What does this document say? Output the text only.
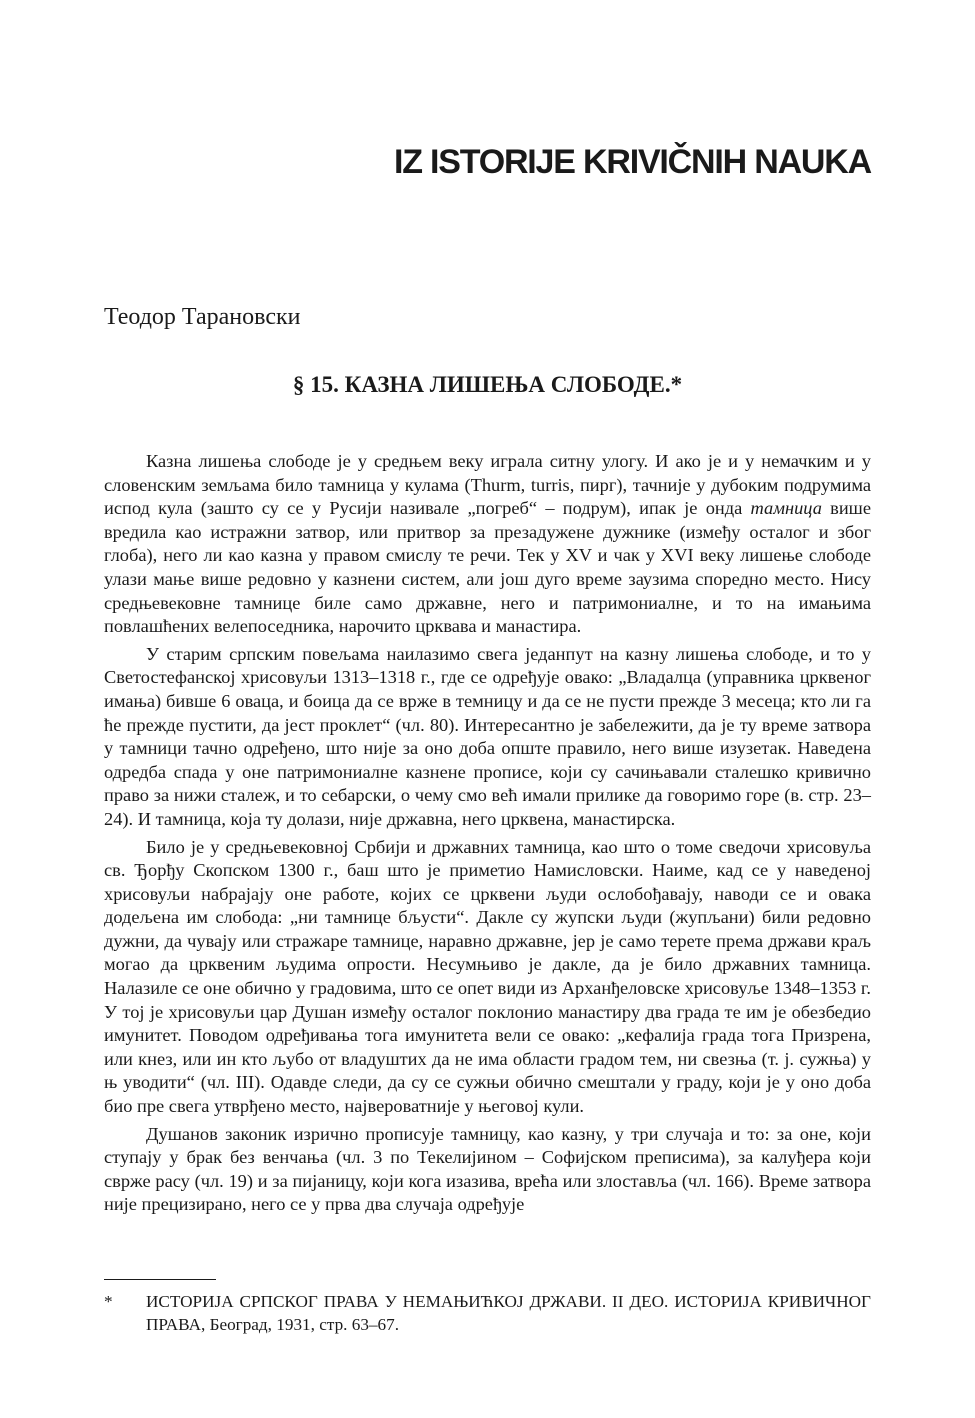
IZ ISTORIJE KRIVIČNIH NAUKA
Теодор Тарановски
§ 15. КАЗНА ЛИШЕЊА СЛОБОДЕ.*

Казна лишења слободе је у средњем веку играла ситну улогу. И ако је и у немачким и у словенским земљама било тамница у кулама (Thurm, turris, пирг), тачније у дубоким подрумима испод кула (зашто су се у Русији називале „погреб“ – подрум), ипак је онда тамница више вредила као истражни затвор, или притвор за презадужене дужнике (између осталог и због глоба), него ли као казна у правом смислу те речи. Тек у XV и чак у XVI веку лишење слободе улази мање више редовно у казнени систем, али још дуго време заузима споредно место. Нису средњевековне тамнице биле само државне, него и патримониалне, и то на имањима повлашћених велепоседника, нарочито црквава и манастира.

У старим српским повељама наилазимо свега једанпут на казну лишења слободе, и то у Светостефанској хрисовуљи 1313–1318 г., где се одређује овако: „Владалца (управника црквеног имања) бивше 6 оваца, и боица да се врже в темницу и да се не пусти прежде 3 месеца; кто ли га ће прежде пустити, да јест проклет“ (чл. 80). Интересантно је забележити, да је ту време затвора у тамници тачно одређено, што није за оно доба опште правило, него више изузетак. Наведена одредба спада у оне патримониалне казнене прописе, који су сачињавали сталешко кривично право за нижи сталеж, и то себарски, о чему смо већ имали прилике да говоримо горе (в. стр. 23–24). И тамница, која ту долази, није државна, него црквена, манастирска.

Било је у средњевековној Србији и државних тамница, као што о томе сведочи хрисовуља св. Ђорђу Скопском 1300 г., баш што је приметио Намисловски. Наиме, кад се у наведеној хрисовуљи набрајају оне работе, којих се црквени људи ослобођавају, наводи се и овака додељена им слобода: „ни тамнице бљусти“. Дакле су жупски људи (жупљани) били редовно дужни, да чувају или стражаре тамнице, наравно државне, јер је само терете према држави краљ могао да црквеним људима опрости. Несумњиво је дакле, да је било државних тамница. Налазиле се оне обично у градовима, што се опет види из Арханђеловске хрисовуље 1348–1353 г. У тој је хрисовуљи цар Душан између осталог поклонио манастиру два града те им је обезбедио имунитет. Поводом одређивања тога имунитета вели се овако: „кефалија града тога Призрена, или кнез, или ин кто љубо от владуштих да не има области градом тем, ни свезња (т. ј. сужња) у њ уводити“ (чл. III). Одавде следи, да су се сужњи обично смештали у граду, који је у оно доба био пре свега утврђено место, највероватније у његовој кули.

Душанов законик изрично прописује тамницу, као казну, у три случаја и то: за оне, који ступају у брак без венчања (чл. 3 по Текелијином – Софијском преписима), за калуђера који сврже расу (чл. 19) и за пијаницу, који кога изазива, врећа или злоставља (чл. 166). Време затвора није прецизирано, него се у прва два случаја одређује

* ИСТОРИЈА СРПСКОГ ПРАВА У НЕМАЊИЋКОЈ ДРЖАВИ. II ДЕО. ИСТОРИЈА КРИВИЧНОГ ПРАВА, Београд, 1931, стр. 63–67.
